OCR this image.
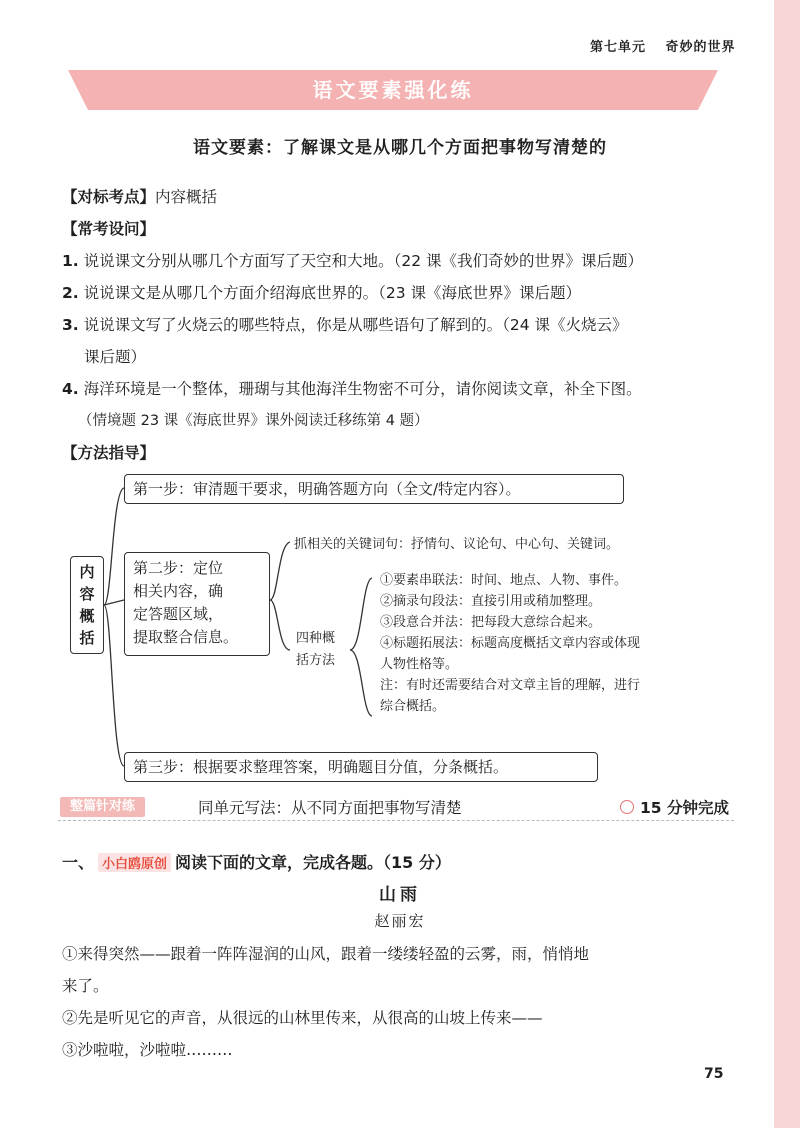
第七单元 奇妙的世界
语文要素强化练
语文要素：了解课文是从哪几个方面把事物写清楚的
【对标考点】内容概括
【常考设问】
1. 说说课文分别从哪几个方面写了天空和大地。（22 课《我们奇妙的世界》课后题）
2. 说说课文是从哪几个方面介绍海底世界的。（23 课《海底世界》课后题）
3. 说说课文写了火烧云的哪些特点，你是从哪些语句了解到的。（24 课《火烧云》
课后题）
4. 海洋环境是一个整体，珊瑚与其他海洋生物密不可分，请你阅读文章，补全下图。
（情境题 23 课《海底世界》课外阅读迁移练第 4 题）
【方法指导】
内
容
概
括
第一步：审清题干要求，明确答题方向（全文/特定内容）。
第二步：定位
相关内容，确
定答题区域，
提取整合信息。
抓相关的关键词句：抒情句、议论句、中心句、关键词。
四种概
括方法
①要素串联法：时间、地点、人物、事件。
②摘录句段法：直接引用或稍加整理。
③段意合并法：把每段大意综合起来。
④标题拓展法：标题高度概括文章内容或体现
人物性格等。
注：有时还需要结合对文章主旨的理解，进行
综合概括。
第三步：根据要求整理答案，明确题目分值，分条概括。
整篇针对练	同单元写法：从不同方面把事物写清楚	15 分钟完成
一、 小白鸥原创 阅读下面的文章，完成各题。（15 分）
山雨
赵丽宏
①来得突然——跟着一阵阵湿润的山风，跟着一缕缕轻盈的云雾，雨，悄悄地
来了。
②先是听见它的声音，从很远的山林里传来，从很高的山坡上传来——
③沙啦啦，沙啦啦………
75
